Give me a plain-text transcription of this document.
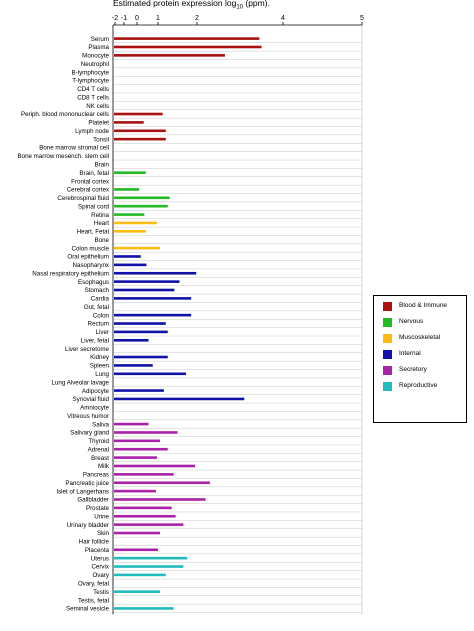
Estimated protein expression $\log_{10} (ppm)$.
-2 -1 0 1	2	4	5
Serum
Plasma
Monocyte
Neutrophil
B-lymphocyte
T-lymphocyte
CD4 T cells
CD8 T cells
NK cells
Periph. blood mononuclear cells
Platelet
Lymph node
Tonsil
Bone marrow stromal cell
Bone marrow mesench. stem cell
Brain
Brain, fetal
Frontal cortex
Cerebral cortex
Cerebrospinal fluid
Spinal cord
Retina
Heart
Heart, Fetal
Bone
Colon muscle
Oral epithelium
Nasopharynx
Nasal respiratory epithelium
Esophagus
Stomach
Cardia
Gut, fetal
Colon
Rectum
Liver
Liver, fetal
Liver secretome
Kidney
Spleen
Lung
Lung Alveolar lavage
Adipocyte
Synovial fluid
Amniocyte
Vitreous humor
Saliva
Salivary gland
Thyroid
Adrenal
Breast
Milk
Pancreas
Pancreatic juice
Islet of Langerhans
Gallbladder
Prostate
Urine
Urinary bladder
Skin
Hair follicle
Placenta
Uterus
Cervix
Ovary
Ovary, fetal
Testis
Testis, fetal
Seminal vesicle
Blood & Immune
Nervous
Muscoskeletal
Internal
Secretory
Reproductive
